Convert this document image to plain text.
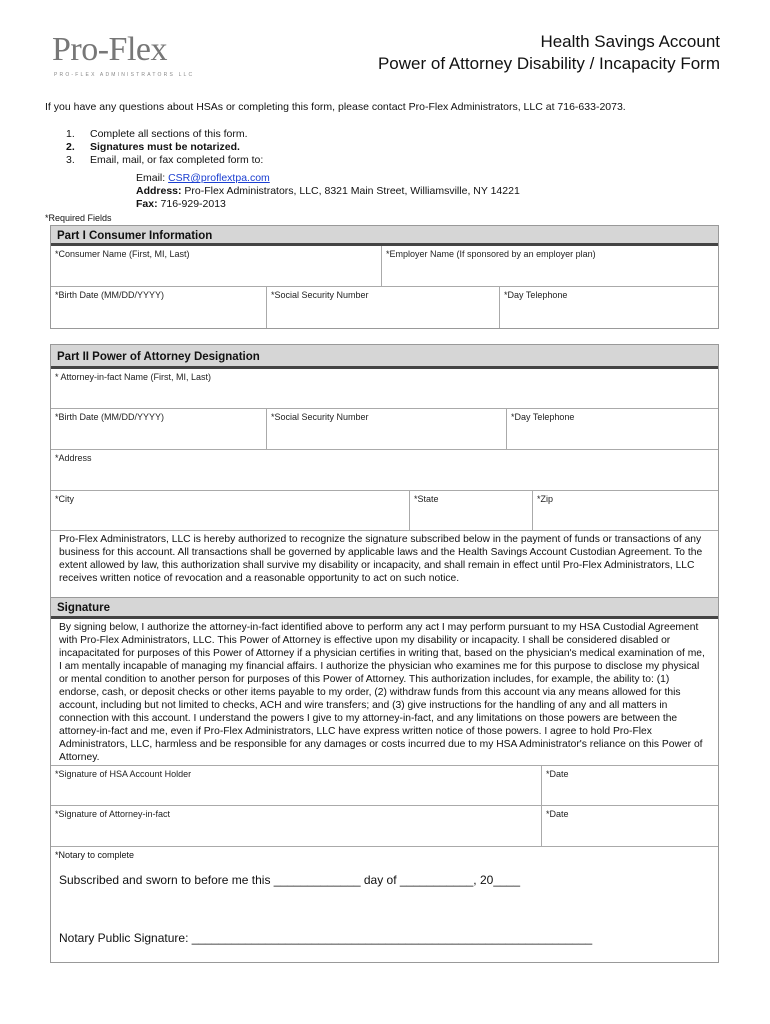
Pro-Flex
PRO-FLEX ADMINISTRATORS LLC
Health Savings Account
Power of Attorney Disability / Incapacity Form
If you have any questions about HSAs or completing this form, please contact Pro-Flex Administrators, LLC at 716-633-2073.
1. Complete all sections of this form.
2. Signatures must be notarized.
3. Email, mail, or fax completed form to:
Email: CSR@proflextpa.com
Address: Pro-Flex Administrators, LLC, 8321 Main Street, Williamsville, NY 14221
Fax: 716-929-2013
*Required Fields
Part I Consumer Information
*Consumer Name (First, MI, Last)	*Employer Name (If sponsored by an employer plan)
*Birth Date (MM/DD/YYYY)	*Social Security Number	*Day Telephone
Part II Power of Attorney Designation
* Attorney-in-fact Name (First, MI, Last)
*Birth Date (MM/DD/YYYY)	*Social Security Number	*Day Telephone
*Address
*City	*State	*Zip
Pro-Flex Administrators, LLC is hereby authorized to recognize the signature subscribed below in the payment of funds or transactions of any business for this account. All transactions shall be governed by applicable laws and the Health Savings Account Custodian Agreement. To the extent allowed by law, this authorization shall survive my disability or incapacity, and shall remain in effect until Pro-Flex Administrators, LLC receives written notice of revocation and a reasonable opportunity to act on such notice.
Signature
By signing below, I authorize the attorney-in-fact identified above to perform any act I may perform pursuant to my HSA Custodial Agreement with Pro-Flex Administrators, LLC. This Power of Attorney is effective upon my disability or incapacity. I shall be considered disabled or incapacitated for purposes of this Power of Attorney if a physician certifies in writing that, based on the physician's medical examination of me, I am mentally incapable of managing my financial affairs. I authorize the physician who examines me for this purpose to disclose my physical or mental condition to another person for purposes of this Power of Attorney. This authorization includes, for example, the ability to: (1) endorse, cash, or deposit checks or other items payable to my order, (2) withdraw funds from this account via any means allowed for this account, including but not limited to checks, ACH and wire transfers; and (3) give instructions for the handling of any and all matters in connection with this account. I understand the powers I give to my attorney-in-fact, and any limitations on those powers are between the attorney-in-fact and me, even if Pro-Flex Administrators, LLC have express written notice of those powers. I agree to hold Pro-Flex Administrators, LLC, harmless and be responsible for any damages or costs incurred due to my HSA Administrator's reliance on this Power of Attorney.
*Signature of HSA Account Holder	*Date
*Signature of Attorney-in-fact	*Date
*Notary to complete
Subscribed and sworn to before me this _____________ day of ___________, 20____
Notary Public Signature: ____________________________________________________________
